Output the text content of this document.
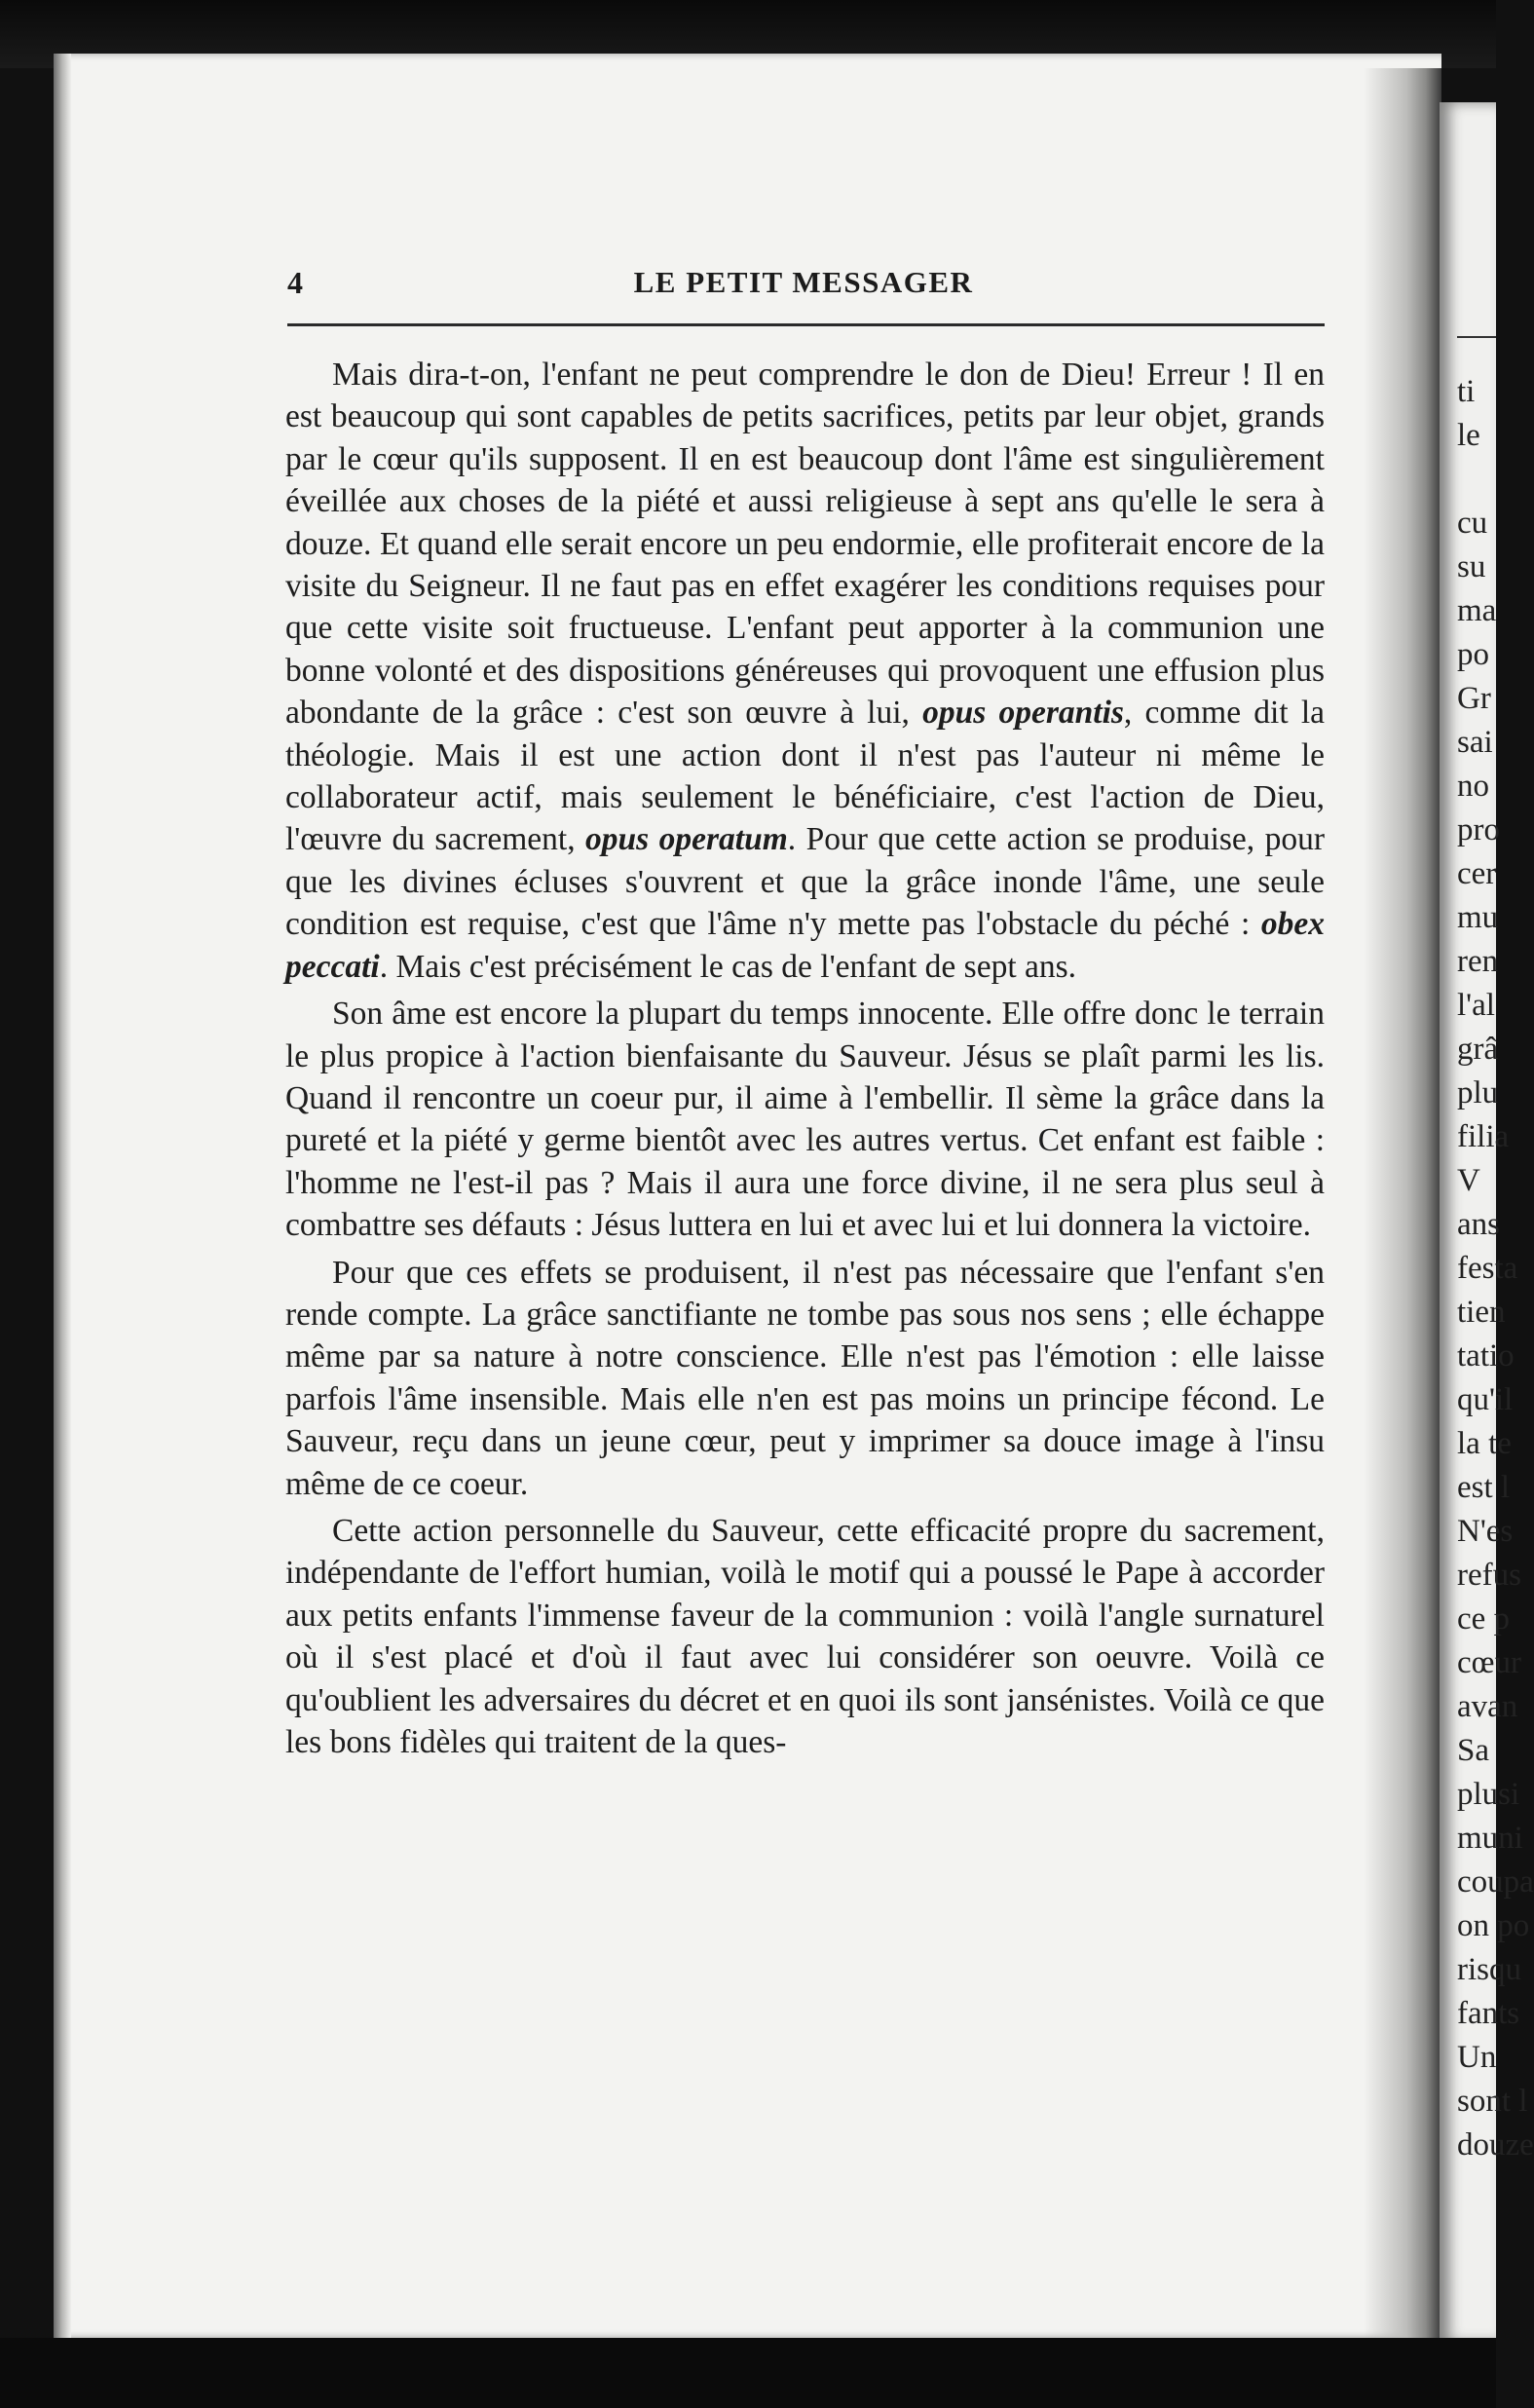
4	LE PETIT MESSAGER

Mais dira-t-on, l'enfant ne peut comprendre le don de Dieu! Erreur ! Il en est beaucoup qui sont capables de petits sacrifices, petits par leur objet, grands par le cœur qu'ils supposent. Il en est beaucoup dont l'âme est singulièrement éveillée aux choses de la piété et aussi religieuse à sept ans qu'elle le sera à douze. Et quand elle serait encore un peu endormie, elle profiterait encore de la visite du Seigneur. Il ne faut pas en effet exagérer les conditions requises pour que cette visite soit fructueuse. L'enfant peut apporter à la communion une bonne volonté et des dispositions généreuses qui provoquent une effusion plus abondante de la grâce : c'est son œuvre à lui, opus operantis, comme dit la théologie. Mais il est une action dont il n'est pas l'auteur ni même le collaborateur actif, mais seulement le bénéficiaire, c'est l'action de Dieu, l'œuvre du sacrement, opus operatum. Pour que cette action se produise, pour que les divines écluses s'ouvrent et que la grâce inonde l'âme, une seule condition est requise, c'est que l'âme n'y mette pas l'obstacle du péché : obex peccati. Mais c'est précisément le cas de l'enfant de sept ans.

Son âme est encore la plupart du temps innocente. Elle offre donc le terrain le plus propice à l'action bienfaisante du Sauveur. Jésus se plaît parmi les lis. Quand il rencontre un coeur pur, il aime à l'embellir. Il sème la grâce dans la pureté et la piété y germe bientôt avec les autres vertus. Cet enfant est faible : l'homme ne l'est-il pas ? Mais il aura une force divine, il ne sera plus seul à combattre ses défauts : Jésus luttera en lui et avec lui et lui donnera la victoire.

Pour que ces effets se produisent, il n'est pas nécessaire que l'enfant s'en rende compte. La grâce sanctifiante ne tombe pas sous nos sens ; elle échappe même par sa nature à notre conscience. Elle n'est pas l'émotion : elle laisse parfois l'âme insensible. Mais elle n'en est pas moins un principe fécond. Le Sauveur, reçu dans un jeune cœur, peut y imprimer sa douce image à l'insu même de ce coeur.

Cette action personnelle du Sauveur, cette efficacité propre du sacrement, indépendante de l'effort humian, voilà le motif qui a poussé le Pape à accorder aux petits enfants l'immense faveur de la communion : voilà l'angle surnaturel où il s'est placé et d'où il faut avec lui considérer son oeuvre. Voilà ce qu'oublient les adversaires du décret et en quoi ils sont jansénistes. Voilà ce que les bons fidèles qui traitent de la ques-

ti
le

cu
su
ma
po
Gr
sai
no
pro
cer
mu
ren
l'al
grâ
plu
filia
V
ans
festa
tien
tatio
qu'il
la te
est l
N'es
refus
ce p
cœur
avan
Sa
plusi
muni
coupa
on po
risqu
fants
Un
sont l
douze
